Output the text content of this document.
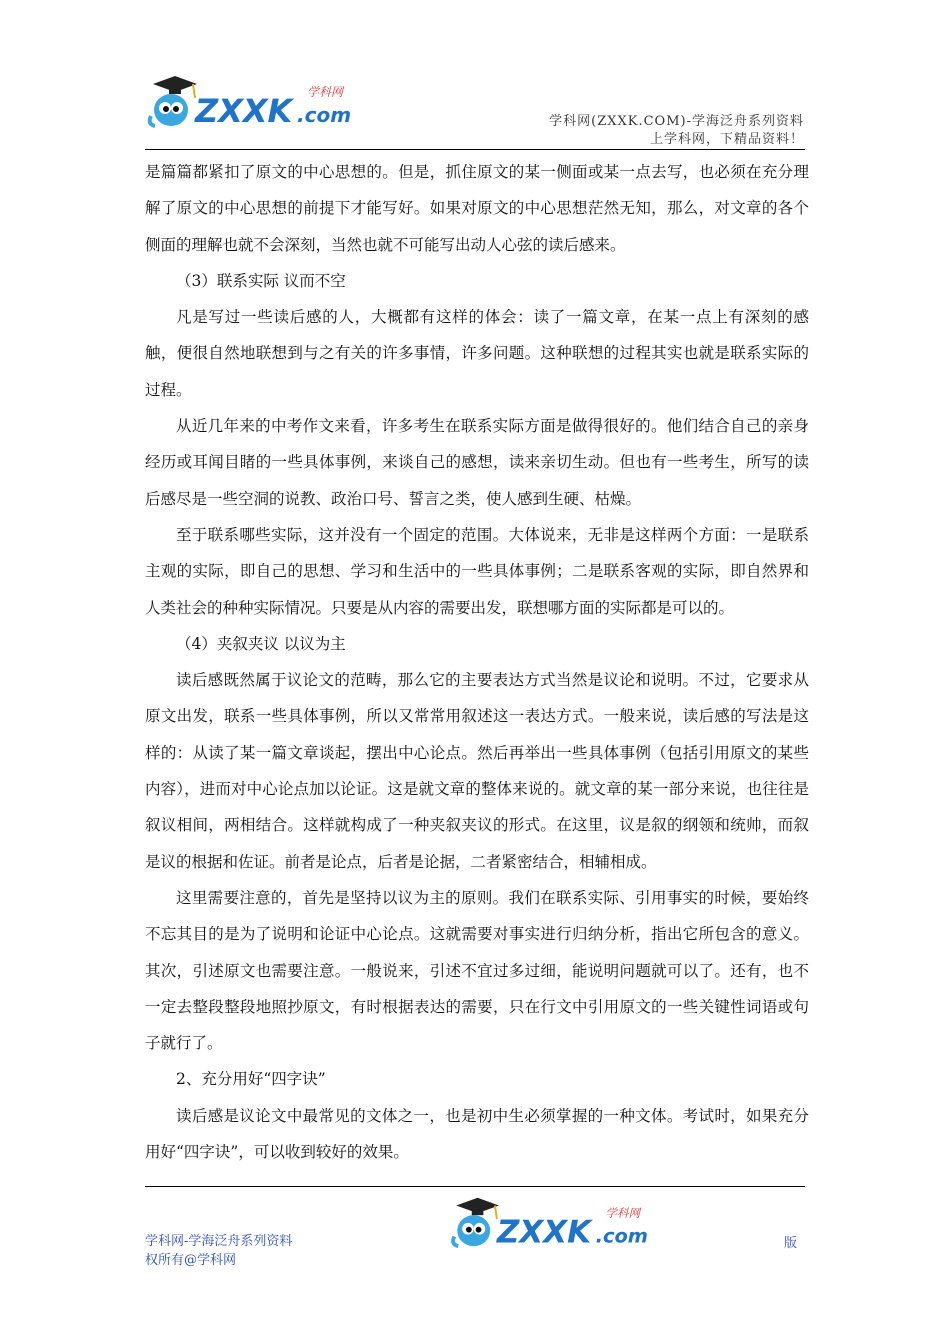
ZXXK .com
学科网
学科网(ZXXK.COM)-学海泛舟系列资料
上学科网，下精品资料！

是篇篇都紧扣了原文的中心思想的。但是，抓住原文的某一侧面或某一点去写，也必须在充分理解了原文的中心思想的前提下才能写好。如果对原文的中心思想茫然无知，那么，对文章的各个侧面的理解也就不会深刻，当然也就不可能写出动人心弦的读后感来。

（3）联系实际 议而不空

凡是写过一些读后感的人，大概都有这样的体会：读了一篇文章，在某一点上有深刻的感触，便很自然地联想到与之有关的许多事情，许多问题。这种联想的过程其实也就是联系实际的过程。

从近几年来的中考作文来看，许多考生在联系实际方面是做得很好的。他们结合自己的亲身经历或耳闻目睹的一些具体事例，来谈自己的感想，读来亲切生动。但也有一些考生，所写的读后感尽是一些空洞的说教、政治口号、誓言之类，使人感到生硬、枯燥。

至于联系哪些实际，这并没有一个固定的范围。大体说来，无非是这样两个方面：一是联系主观的实际，即自己的思想、学习和生活中的一些具体事例；二是联系客观的实际，即自然界和人类社会的种种实际情况。只要是从内容的需要出发，联想哪方面的实际都是可以的。

（4）夹叙夹议 以议为主

读后感既然属于议论文的范畴，那么它的主要表达方式当然是议论和说明。不过，它要求从原文出发，联系一些具体事例，所以又常常用叙述这一表达方式。一般来说，读后感的写法是这样的：从读了某一篇文章谈起，摆出中心论点。然后再举出一些具体事例（包括引用原文的某些内容），进而对中心论点加以论证。这是就文章的整体来说的。就文章的某一部分来说，也往往是叙议相间，两相结合。这样就构成了一种夹叙夹议的形式。在这里，议是叙的纲领和统帅，而叙是议的根据和佐证。前者是论点，后者是论据，二者紧密结合，相辅相成。

这里需要注意的，首先是坚持以议为主的原则。我们在联系实际、引用事实的时候，要始终不忘其目的是为了说明和论证中心论点。这就需要对事实进行归纳分析，指出它所包含的意义。其次，引述原文也需要注意。一般说来，引述不宜过多过细，能说明问题就可以了。还有，也不一定去整段整段地照抄原文，有时根据表达的需要，只在行文中引用原文的一些关键性词语或句子就行了。

2、充分用好“四字诀”

读后感是议论文中最常见的文体之一，也是初中生必须掌握的一种文体。考试时，如果充分用好“四字诀”，可以收到较好的效果。

ZXXK .com
学科网
学科网-学海泛舟系列资料
权所有@学科网
版
